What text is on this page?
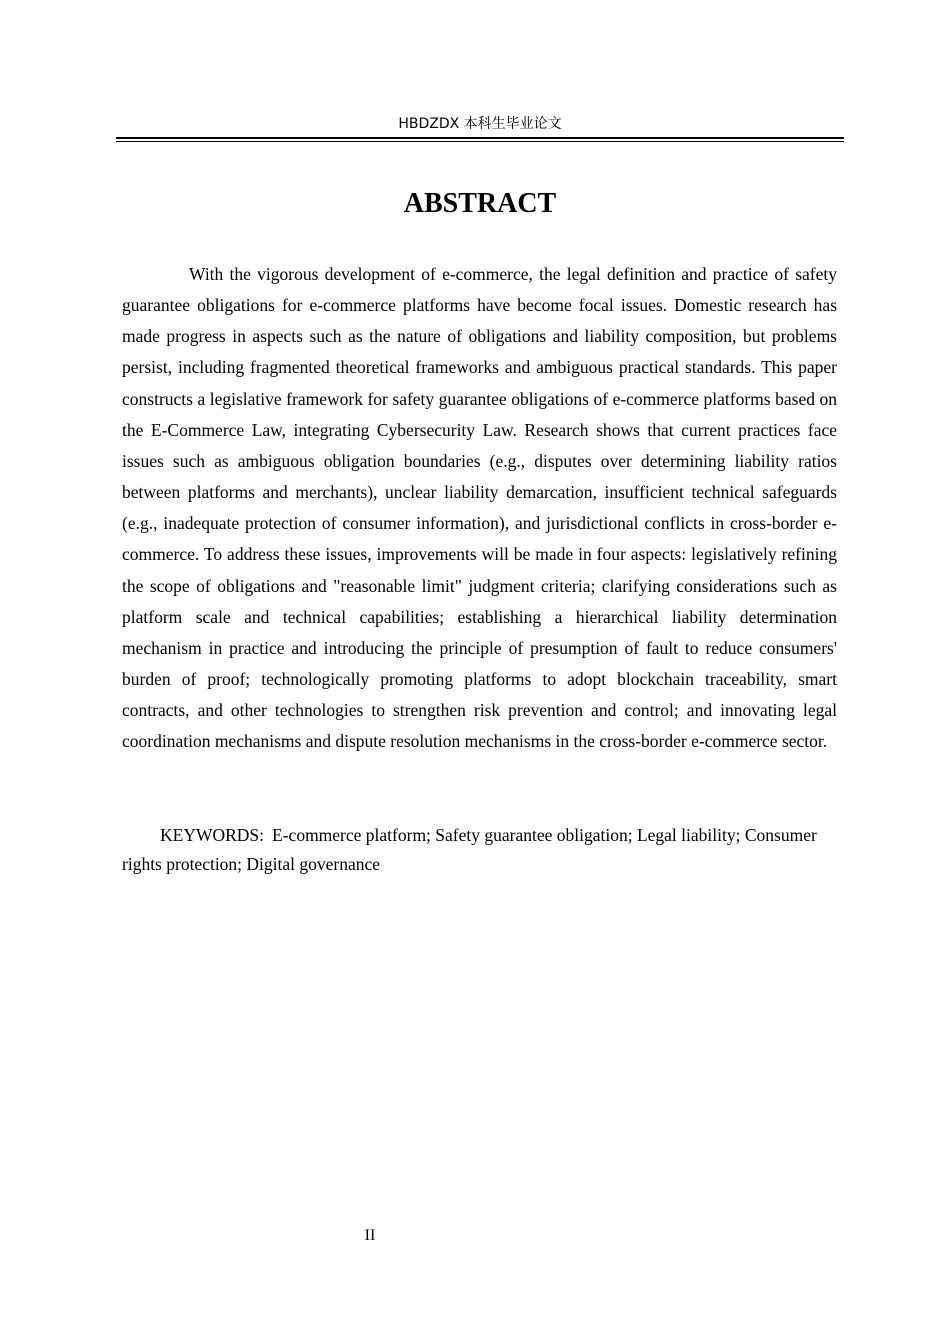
HBDZDX 本科生毕业论文
ABSTRACT

With the vigorous development of e-commerce, the legal definition and practice of safety guarantee obligations for e-commerce platforms have become focal issues. Domestic research has made progress in aspects such as the nature of obligations and liability composition, but problems persist, including fragmented theoretical frameworks and ambiguous practical standards. This paper constructs a legislative framework for safety guarantee obligations of e-commerce platforms based on the E-Commerce Law, integrating Cybersecurity Law. Research shows that current practices face issues such as ambiguous obligation boundaries (e.g., disputes over determining liability ratios between platforms and merchants), unclear liability demarcation, insufficient technical safeguards (e.g., inadequate protection of consumer information), and jurisdictional conflicts in cross-border e-commerce. To address these issues, improvements will be made in four aspects: legislatively refining the scope of obligations and "reasonable limit" judgment criteria; clarifying considerations such as platform scale and technical capabilities; establishing a hierarchical liability determination mechanism in practice and introducing the principle of presumption of fault to reduce consumers' burden of proof; technologically promoting platforms to adopt blockchain traceability, smart contracts, and other technologies to strengthen risk prevention and control; and innovating legal coordination mechanisms and dispute resolution mechanisms in the cross-border e-commerce sector.

KEYWORDS: E-commerce platform; Safety guarantee obligation; Legal liability; Consumer rights protection; Digital governance

II
